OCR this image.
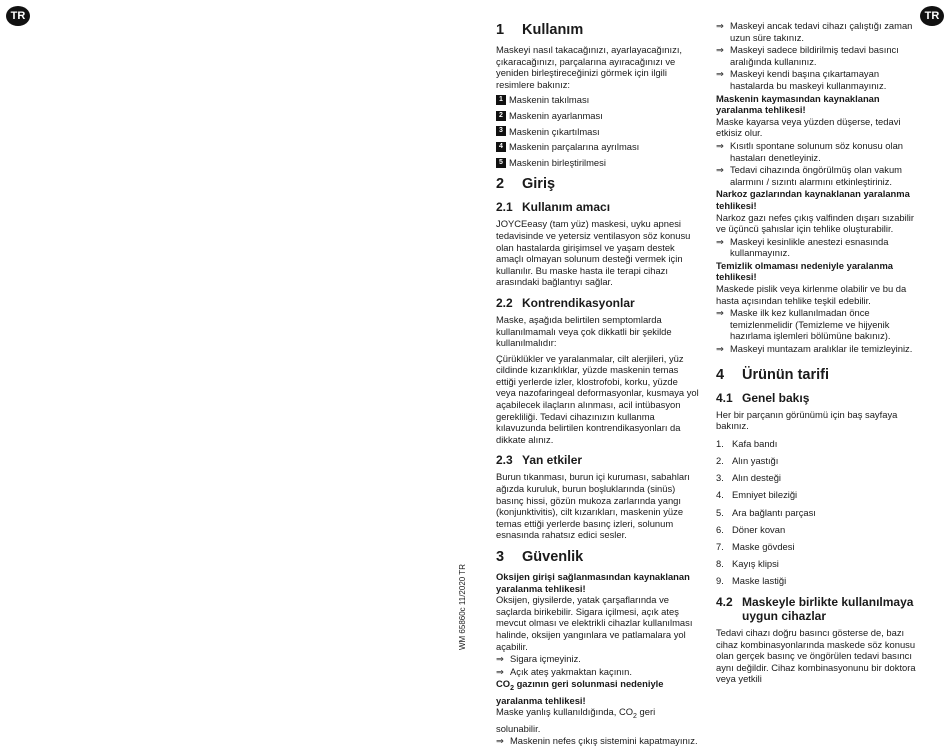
TR	TR
WM 65860c 11/2020 TR
1 Kullanım

Maskeyi nasıl takacağınızı, ayarlayacağınızı, çıkaracağınızı, parçalarına ayıracağınızı ve yeniden birleştireceğinizi görmek için ilgili resimlere bakınız:

1 Maskenin takılması
2 Maskenin ayarlanması
3 Maskenin çıkartılması
4 Maskenin parçalarına ayrılması
5 Maskenin birleştirilmesi
2 Giriş
2.1 Kullanım amacı

JOYCEeasy (tam yüz) maskesi, uyku apnesi tedavisinde ve yetersiz ventilasyon söz konusu olan hastalarda girişimsel ve yaşam destek amaçlı olmayan solunum desteği vermek için kullanılır. Bu maske hasta ile terapi cihazı arasındaki bağlantıyı sağlar.

2.2 Kontrendikasyonlar

Maske, aşağıda belirtilen semptomlarda kullanılmamalı veya çok dikkatli bir şekilde kullanılmalıdır:

Çürüklükler ve yaralanmalar, cilt alerjileri, yüz cildinde kızarıklıklar, yüzde maskenin temas ettiği yerlerde izler, klostrofobi, korku, yüzde veya nazofaringeal deformasyonlar, kusmaya yol açabilecek ilaçların alınması, acil intübasyon gerekliliği. Tedavi cihazınızın kullanma kılavuzunda belirtilen kontrendikasyonları da dikkate alınız.

2.3 Yan etkiler

Burun tıkanması, burun içi kuruması, sabahları ağızda kuruluk, burun boşluklarında (sinüs) basınç hissi, gözün mukoza zarlarında yangı (konjunktivitis), cilt kızarıkları, maskenin yüze temas ettiği yerlerde basınç izleri, solunum esnasında rahatsız edici sesler.

3 Güvenlik
Oksijen girişi sağlanmasından kaynaklanan yaralanma tehlikesi!

Oksijen, giysilerde, yatak çarşaflarında ve saçlarda birikebilir. Sigara içilmesi, açık ateş mevcut olması ve elektrikli cihazlar kullanılması halinde, oksijen yangınlara ve patlamalara yol açabilir.

⇒ Sigara içmeyiniz.
⇒ Açık ateş yakmaktan kaçının.
$CO_2$ gazının geri solunmasi nedeniyle yaralanma tehlikesi!

Maske yanlış kullanıldığında, $CO_2$ geri solunabilir.

⇒ Maskenin nefes çıkış sistemini kapatmayınız.
⇒ Maskeyi ancak tedavi cihazı çalıştığı zaman uzun süre takınız.
⇒ Maskeyi sadece bildirilmiş tedavi basıncı aralığında kullanınız.
⇒ Maskeyi kendi başına çıkartamayan hastalarda bu maskeyi kullanmayınız.
Maskenin kaymasından kaynaklanan yaralanma tehlikesi!

Maske kayarsa veya yüzden düşerse, tedavi etkisiz olur.

⇒ Kısıtlı spontane solunum söz konusu olan hastaları denetleyiniz.
⇒ Tedavi cihazında öngörülmüş olan vakum alarmını / sızıntı alarmını etkinleştiriniz.
Narkoz gazlarından kaynaklanan yaralanma tehlikesi!

Narkoz gazı nefes çıkış valfinden dışarı sızabilir ve üçüncü şahıslar için tehlike oluşturabilir.

⇒ Maskeyi kesinlikle anestezi esnasında kullanmayınız.
Temizlik olmaması nedeniyle yaralanma tehlikesi!

Maskede pislik veya kirlenme olabilir ve bu da hasta açısından tehlike teşkil edebilir.

⇒ Maske ilk kez kullanılmadan önce temizlenmelidir (Temizleme ve hijyenik hazırlama işlemleri bölümüne bakınız).
⇒ Maskeyi muntazam aralıklar ile temizleyiniz.
4 Ürünün tarifi
4.1 Genel bakış

Her bir parçanın görünümü için baş sayfaya bakınız.

1. Kafa bandı
2. Alın yastığı
3. Alın desteği
4. Emniyet bileziği
5. Ara bağlantı parçası
6. Döner kovan
7. Maske gövdesi
8. Kayış klipsi
9. Maske lastiği
4.2 Maskeyle birlikte kullanılmaya
uygun cihazlar

Tedavi cihazı doğru basıncı gösterse de, bazı cihaz kombinasyonlarında maskede söz konusu olan gerçek basınç ve öngörülen tedavi basıncı aynı değildir. Cihaz kombinasyonunu bir doktora veya yetkili
